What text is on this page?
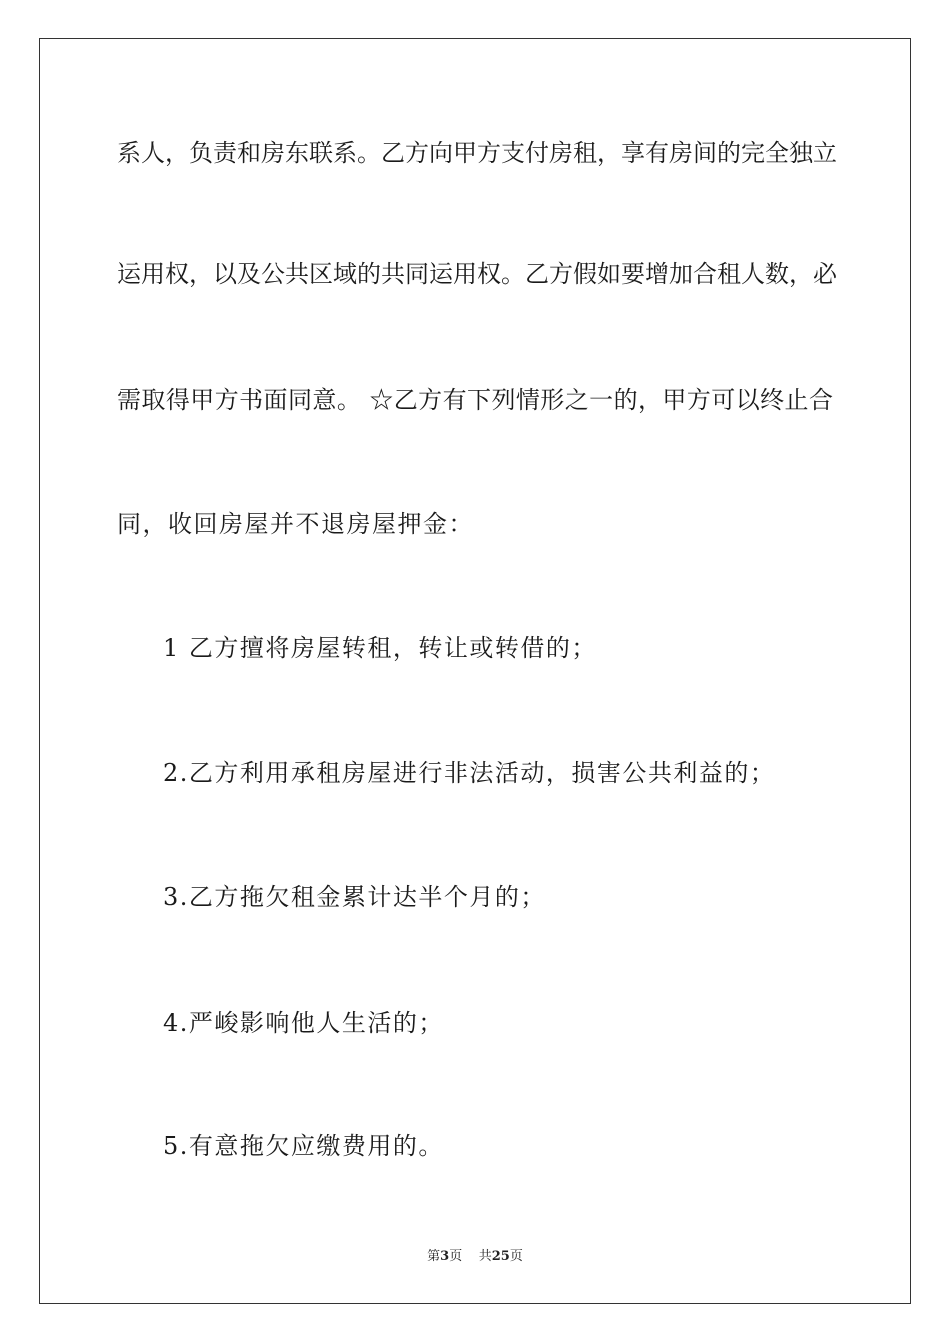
系人，负责和房东联系。乙方向甲方支付房租，享有房间的完全独立
运用权，以及公共区域的共同运用权。乙方假如要增加合租人数，必
需取得甲方书面同意。 ☆乙方有下列情形之一的，甲方可以终止合
同，收回房屋并不退房屋押金：
1 乙方擅将房屋转租，转让或转借的；
2.乙方利用承租房屋进行非法活动，损害公共利益的；
3.乙方拖欠租金累计达半个月的；
4.严峻影响他人生活的；
5.有意拖欠应缴费用的。
第3页 共25页
